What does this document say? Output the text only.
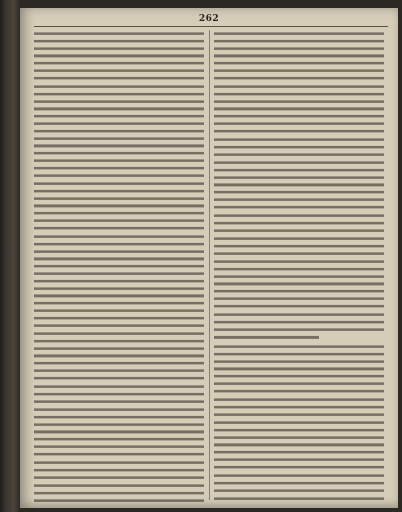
262
